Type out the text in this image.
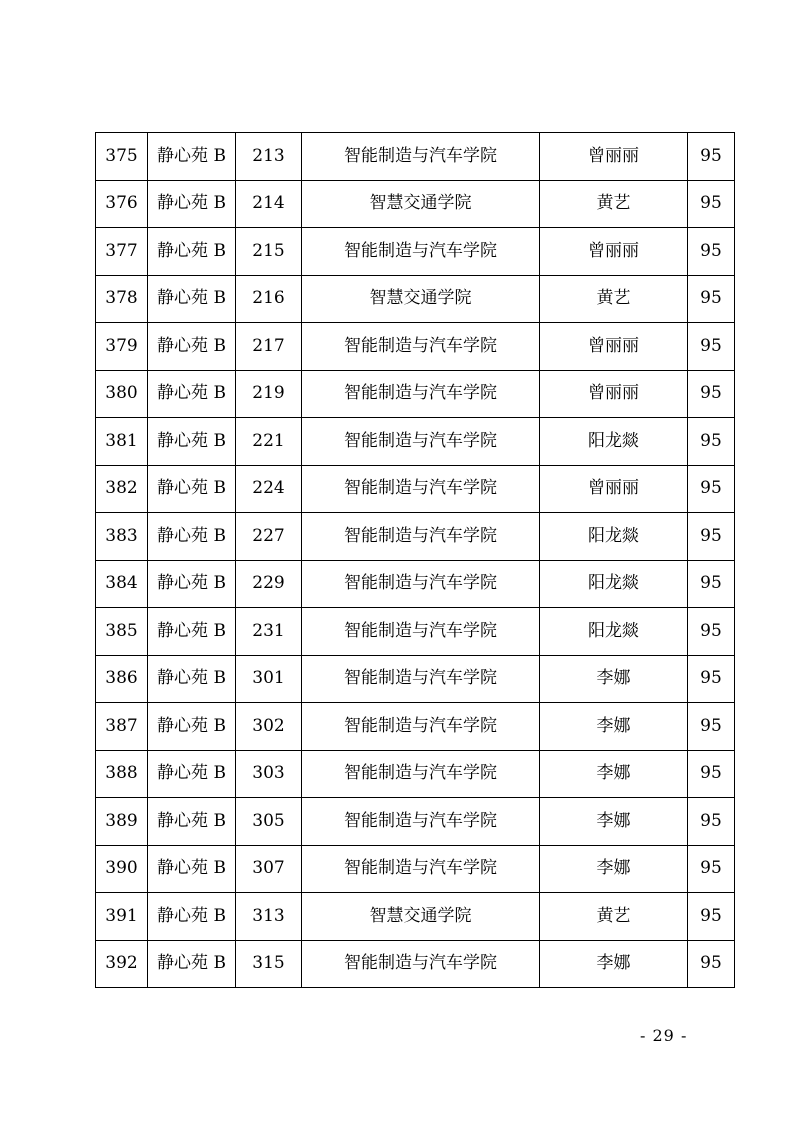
375	静心苑 B	213	智能制造与汽车学院	曾丽丽	95
376	静心苑 B	214	智慧交通学院	黄艺	95
377	静心苑 B	215	智能制造与汽车学院	曾丽丽	95
378	静心苑 B	216	智慧交通学院	黄艺	95
379	静心苑 B	217	智能制造与汽车学院	曾丽丽	95
380	静心苑 B	219	智能制造与汽车学院	曾丽丽	95
381	静心苑 B	221	智能制造与汽车学院	阳龙燚	95
382	静心苑 B	224	智能制造与汽车学院	曾丽丽	95
383	静心苑 B	227	智能制造与汽车学院	阳龙燚	95
384	静心苑 B	229	智能制造与汽车学院	阳龙燚	95
385	静心苑 B	231	智能制造与汽车学院	阳龙燚	95
386	静心苑 B	301	智能制造与汽车学院	李娜	95
387	静心苑 B	302	智能制造与汽车学院	李娜	95
388	静心苑 B	303	智能制造与汽车学院	李娜	95
389	静心苑 B	305	智能制造与汽车学院	李娜	95
390	静心苑 B	307	智能制造与汽车学院	李娜	95
391	静心苑 B	313	智慧交通学院	黄艺	95
392	静心苑 B	315	智能制造与汽车学院	李娜	95
- 29 -
